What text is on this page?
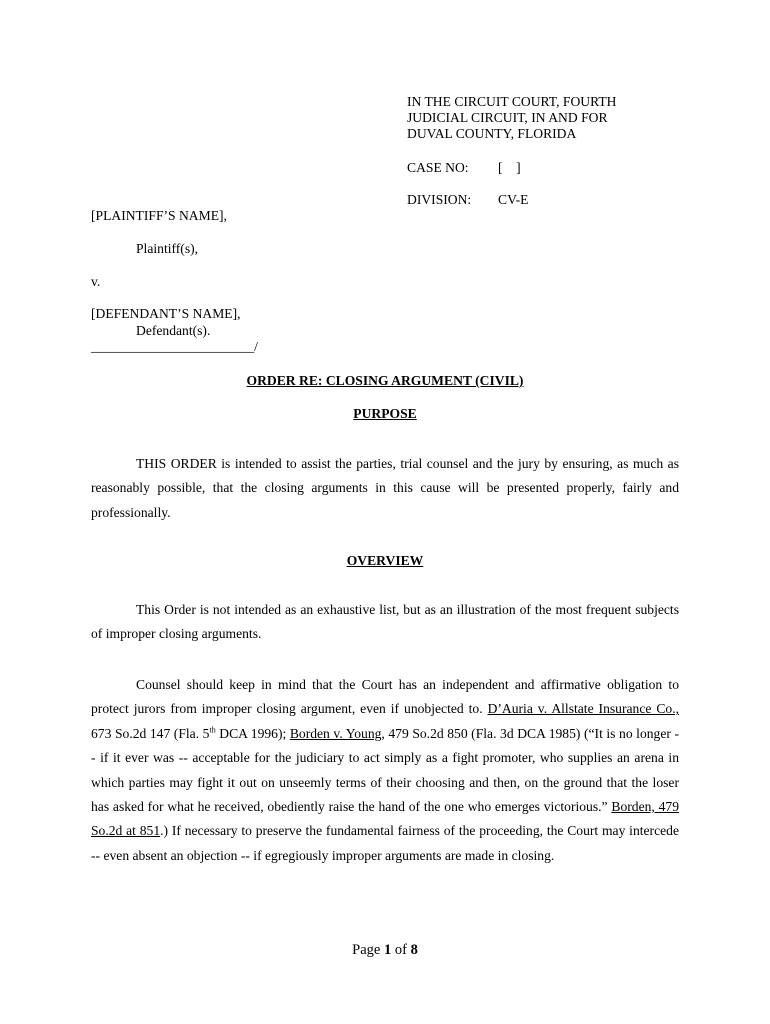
IN THE CIRCUIT COURT, FOURTH
JUDICIAL CIRCUIT, IN AND FOR
DUVAL COUNTY, FLORIDA
CASE NO: [    ]
DIVISION: CV-E
[PLAINTIFF’S NAME],
Plaintiff(s),
v.
[DEFENDANT’S NAME],
Defendant(s).
________________________/
ORDER RE: CLOSING ARGUMENT (CIVIL)
PURPOSE
THIS ORDER is intended to assist the parties, trial counsel and the jury by ensuring, as much as reasonably possible, that the closing arguments in this cause will be presented properly, fairly and professionally.
OVERVIEW
This Order is not intended as an exhaustive list, but as an illustration of the most frequent subjects of improper closing arguments.
Counsel should keep in mind that the Court has an independent and affirmative obligation to protect jurors from improper closing argument, even if unobjected to. D’Auria v. Allstate Insurance Co., 673 So.2d 147 (Fla. 5th DCA 1996); Borden v. Young, 479 So.2d 850 (Fla. 3d DCA 1985) (“It is no longer -- if it ever was -- acceptable for the judiciary to act simply as a fight promoter, who supplies an arena in which parties may fight it out on unseemly terms of their choosing and then, on the ground that the loser has asked for what he received, obediently raise the hand of the one who emerges victorious.” Borden, 479 So.2d at 851.) If necessary to preserve the fundamental fairness of the proceeding, the Court may intercede -- even absent an objection -- if egregiously improper arguments are made in closing.
Page 1 of 8
